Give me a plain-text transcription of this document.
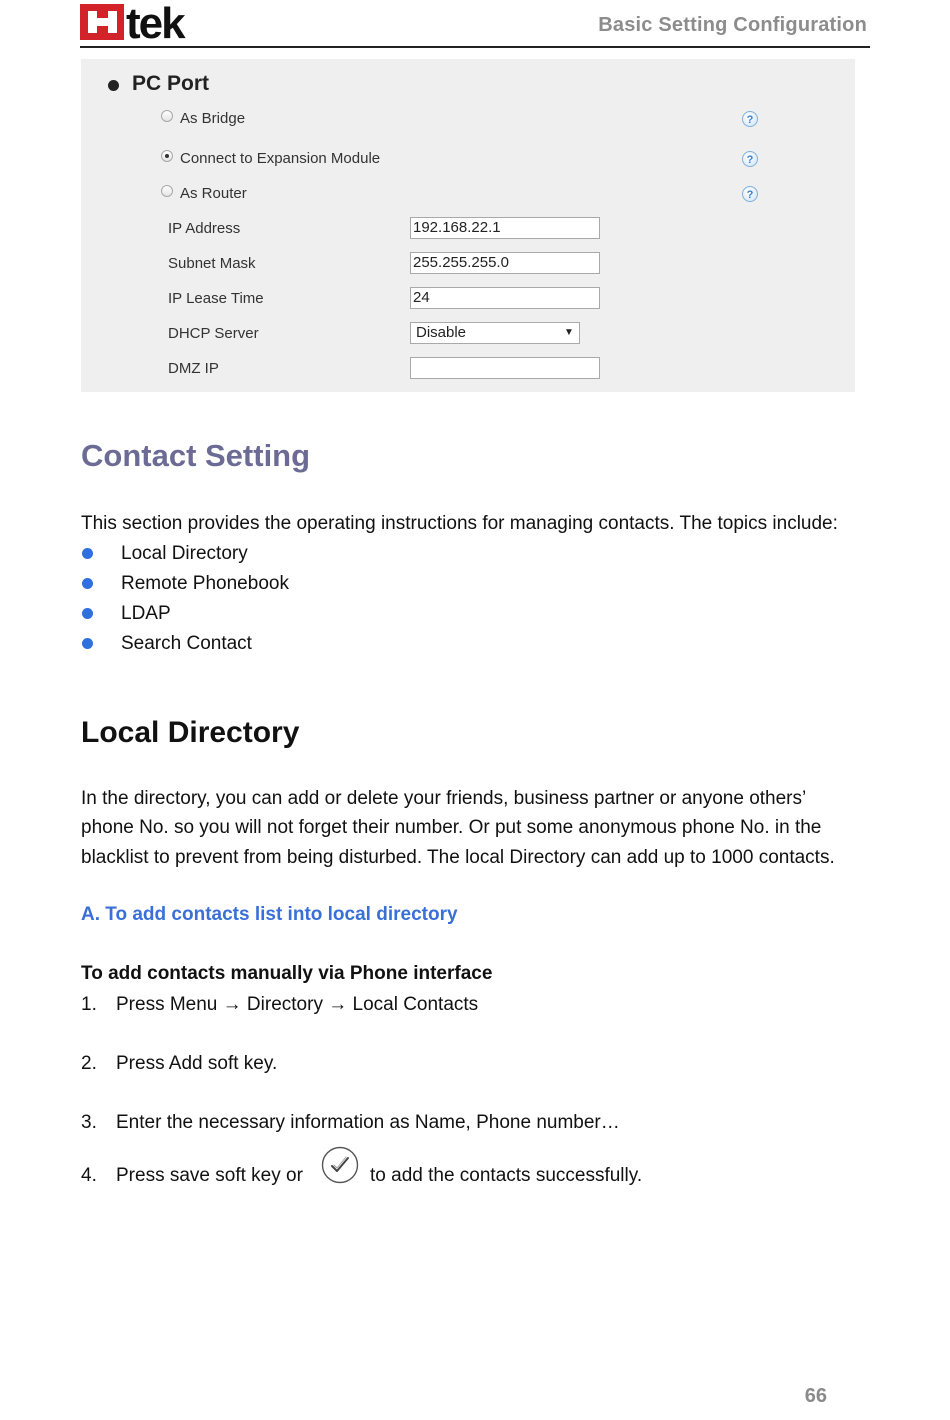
tek	Basic Setting Configuration
PC Port
As Bridge	?
Connect to Expansion Module	?
As Router	?
IP Address	192.168.22.1
Subnet Mask	255.255.255.0
IP Lease Time	24
DHCP Server	Disable	▼
DMZ IP
Contact Setting
This section provides the operating instructions for managing contacts. The topics include:
Local Directory
Remote Phonebook
LDAP
Search Contact
Local Directory
In the directory, you can add or delete your friends, business partner or anyone others’
phone No. so you will not forget their number. Or put some anonymous phone No. in the
blacklist to prevent from being disturbed. The local Directory can add up to 1000 contacts.
A. To add contacts list into local directory
To add contacts manually via Phone interface
1. Press Menu → Directory → Local Contacts
2. Press Add soft key.
3. Enter the necessary information as Name, Phone number…
4. Press save soft key or	to add the contacts successfully.
66
